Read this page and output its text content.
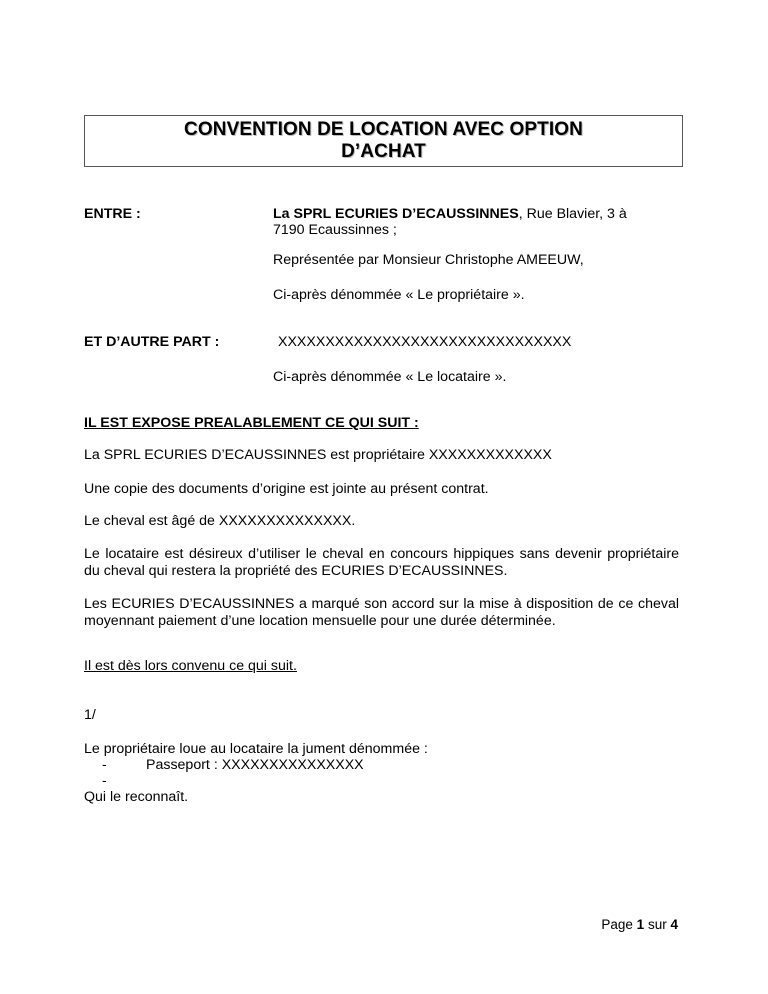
CONVENTION DE LOCATION AVEC OPTION
D’ACHAT
ENTRE :	La SPRL ECURIES D’ECAUSSINNES, Rue Blavier, 3 à
7190 Ecaussinnes ;
Représentée par Monsieur Christophe AMEEUW,
Ci-après dénommée « Le propriétaire ».
ET D’AUTRE PART :	XXXXXXXXXXXXXXXXXXXXXXXXXXXXXXX
Ci-après dénommée « Le locataire ».
IL EST EXPOSE PREALABLEMENT CE QUI SUIT :
La SPRL ECURIES D’ECAUSSINNES est propriétaire XXXXXXXXXXXXX
Une copie des documents d’origine est jointe au présent contrat.
Le cheval est âgé de XXXXXXXXXXXXXX.
Le locataire est désireux d’utiliser le cheval en concours hippiques sans devenir propriétaire du cheval qui restera la propriété des ECURIES D’ECAUSSINNES.
Les ECURIES D’ECAUSSINNES a marqué son accord sur la mise à disposition de ce cheval moyennant paiement d’une location mensuelle pour une durée déterminée.
Il est dès lors convenu ce qui suit.
1/
Le propriétaire loue au locataire la jument dénommée :
-	Passeport : XXXXXXXXXXXXXXX
-
Qui le reconnaît.
Page 1 sur 4
